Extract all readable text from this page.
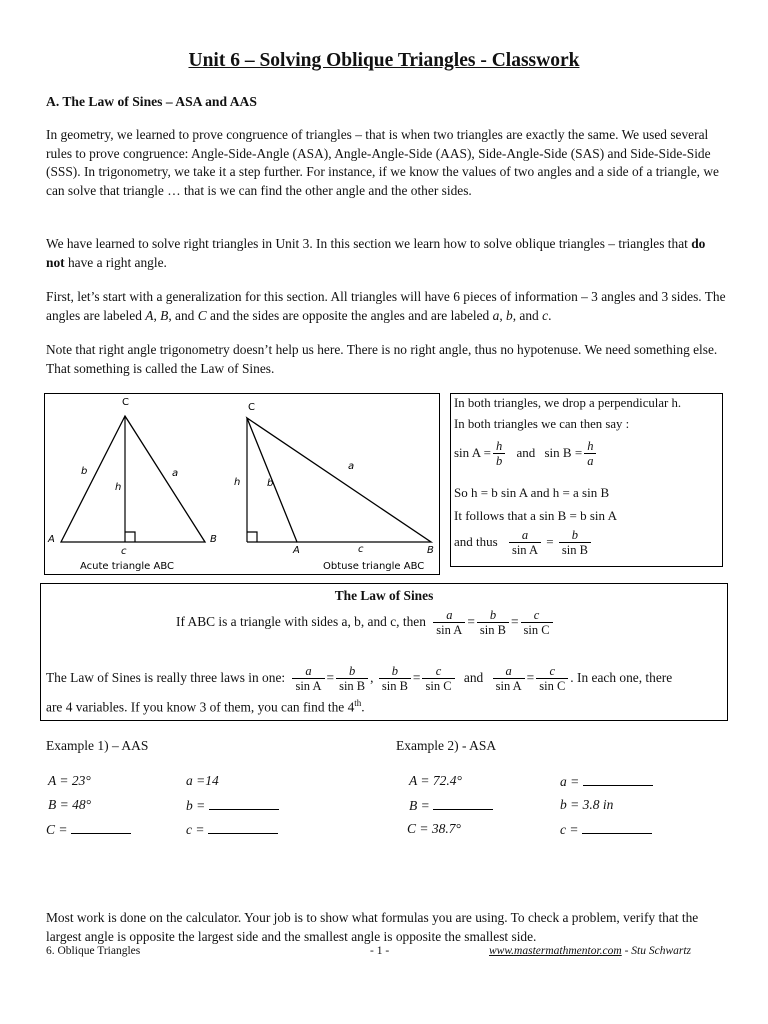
Unit 6 – Solving Oblique Triangles - Classwork
A. The Law of Sines – ASA and AAS
In geometry, we learned to prove congruence of triangles – that is when two triangles are exactly the same. We used several rules to prove congruence: Angle-Side-Angle (ASA), Angle-Angle-Side (AAS), Side-Angle-Side (SAS) and Side-Side-Side (SSS). In trigonometry, we take it a step further. For instance, if we know the values of two angles and a side of a triangle, we can solve that triangle … that is we can find the other angle and the other sides.
We have learned to solve right triangles in Unit 3. In this section we learn how to solve oblique triangles – triangles that do not have a right angle.
First, let’s start with a generalization for this section. All triangles will have 6 pieces of information – 3 angles and 3 sides. The angles are labeled A, B, and C and the sides are opposite the angles and are labeled a, b, and c.
Note that right angle trigonometry doesn’t help us here. There is no right angle, thus no hypotenuse. We need something else. That something is called the Law of Sines.
C
b	a
h
A	B
c
Acute triangle ABC
C
a
h	b
A	c	B
Obtuse triangle ABC
In both triangles, we drop a perpendicular h.
In both triangles we can then say :
$\sin A = \frac{h}{b}$ and $\sin B = \frac{h}{a}$
So h = b sin A and h = a sin B
It follows that a sin B = b sin A
and thus $\frac{a}{\text{sin A}} = \frac{b}{\text{sin B}}$
The Law of Sines
If ABC is a triangle with sides a, b, and c, then $\frac{a}{\text{sin A}} = \frac{b}{\text{sin B}} = \frac{c}{\text{sin C}}$
The Law of Sines is really three laws in one: $\frac{a}{\text{sin A}} = \frac{b}{\text{sin B}}$ , $\frac{b}{\text{sin B}} = \frac{c}{\text{sin C}}$ and $\frac{a}{\text{sin A}} = \frac{c}{\text{sin C}}$ . In each one, there
are 4 variables. If you know 3 of them, you can find the 4th.
Example 1) – AAS
A = 23°	a =14
B = 48°	b =
C =	c =
Example 2) - ASA
A = 72.4°	a =
B =	b = 3.8 in
C = 38.7°	c =
Most work is done on the calculator. Your job is to show what formulas you are using. To check a problem, verify that the largest angle is opposite the largest side and the smallest angle is opposite the smallest side.
6. Oblique Triangles	- 1 -	www.mastermathmentor.com - Stu Schwartz
